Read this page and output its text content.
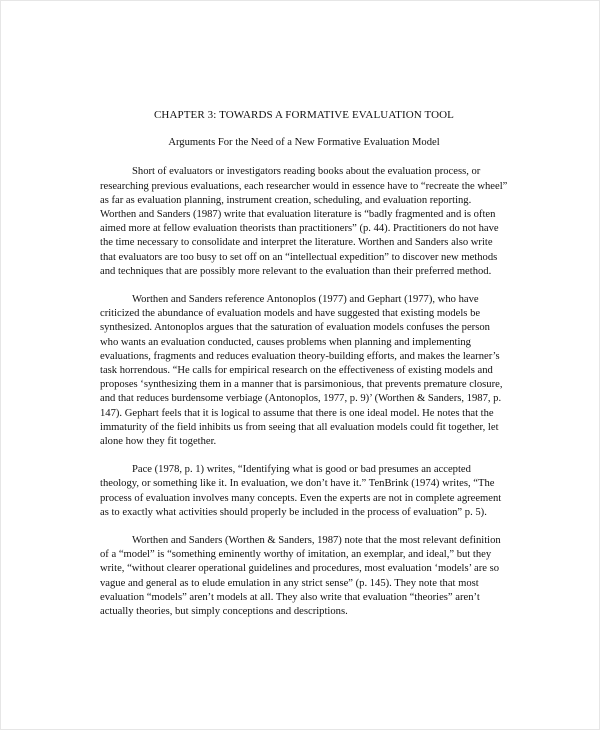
CHAPTER 3: TOWARDS A FORMATIVE EVALUATION TOOL
Arguments For the Need of a New Formative Evaluation Model

Short of evaluators or investigators reading books about the evaluation process, or researching previous evaluations, each researcher would in essence have to “recreate the wheel” as far as evaluation planning, instrument creation, scheduling, and evaluation reporting. Worthen and Sanders (1987) write that evaluation literature is “badly fragmented and is often aimed more at fellow evaluation theorists than practitioners” (p. 44). Practitioners do not have the time necessary to consolidate and interpret the literature. Worthen and Sanders also write that evaluators are too busy to set off on an “intellectual expedition” to discover new methods and techniques that are possibly more relevant to the evaluation than their preferred method.

Worthen and Sanders reference Antonoplos (1977) and Gephart (1977), who have criticized the abundance of evaluation models and have suggested that existing models be synthesized. Antonoplos argues that the saturation of evaluation models confuses the person who wants an evaluation conducted, causes problems when planning and implementing evaluations, fragments and reduces evaluation theory-building efforts, and makes the learner’s task horrendous. “He calls for empirical research on the effectiveness of existing models and proposes ‘synthesizing them in a manner that is parsimonious, that prevents premature closure, and that reduces burdensome verbiage (Antonoplos, 1977, p. 9)’ (Worthen & Sanders, 1987, p. 147). Gephart feels that it is logical to assume that there is one ideal model. He notes that the immaturity of the field inhibits us from seeing that all evaluation models could fit together, let alone how they fit together.

Pace (1978, p. 1) writes, “Identifying what is good or bad presumes an accepted theology, or something like it. In evaluation, we don’t have it.” TenBrink (1974) writes, “The process of evaluation involves many concepts. Even the experts are not in complete agreement as to exactly what activities should properly be included in the process of evaluation” p. 5).

Worthen and Sanders (Worthen & Sanders, 1987) note that the most relevant definition of a “model” is “something eminently worthy of imitation, an exemplar, and ideal,” but they write, “without clearer operational guidelines and procedures, most evaluation ‘models’ are so vague and general as to elude emulation in any strict sense” (p. 145). They note that most evaluation “models” aren’t models at all. They also write that evaluation “theories” aren’t actually theories, but simply conceptions and descriptions.
